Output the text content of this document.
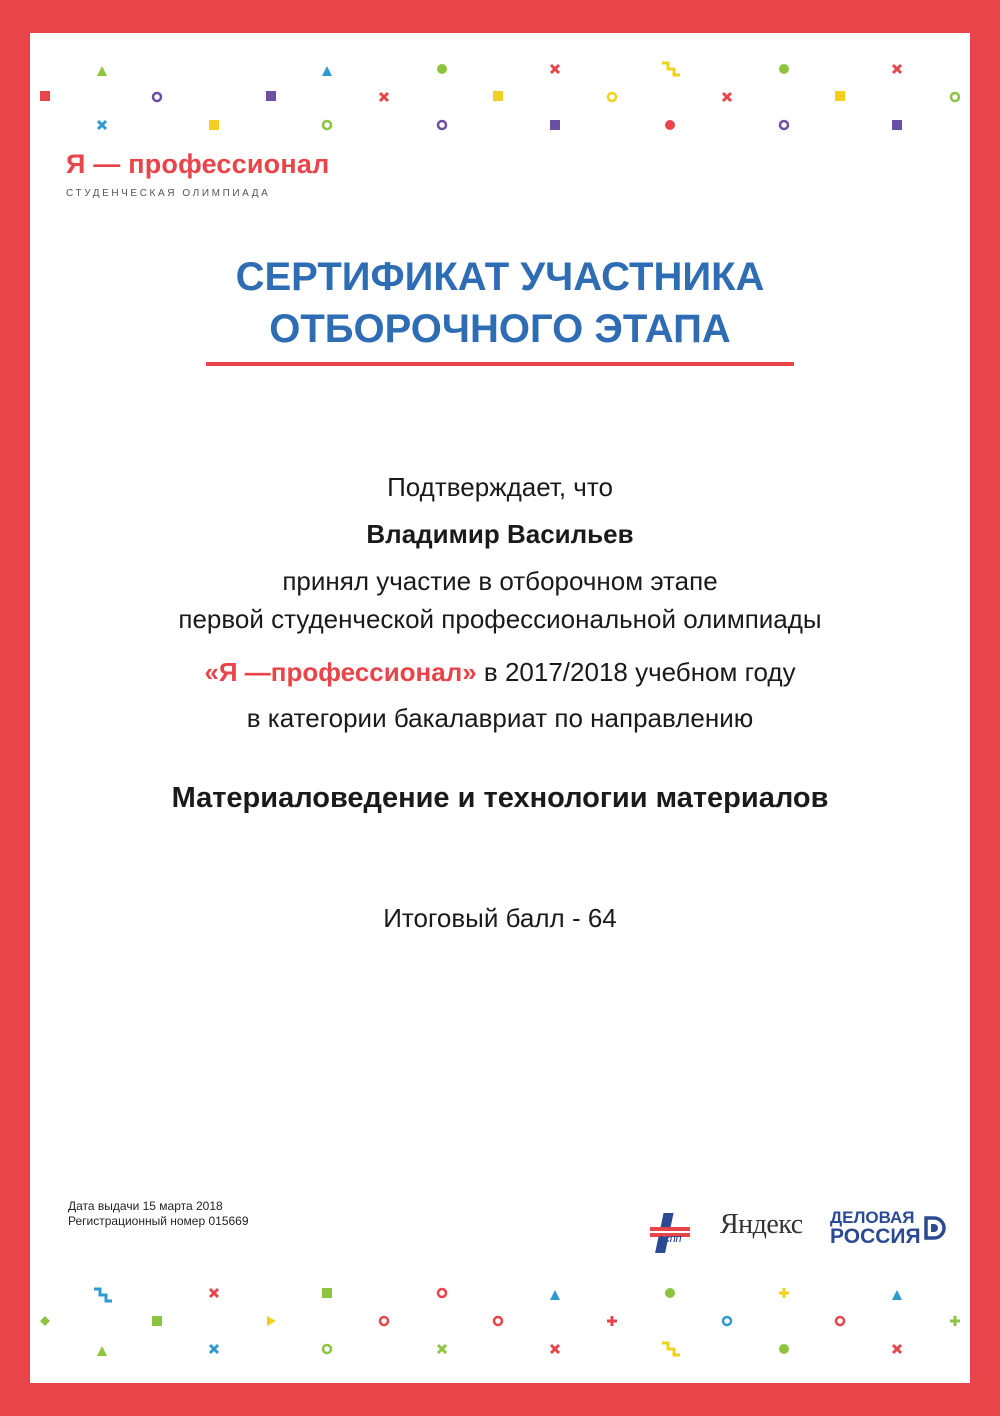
Я — профессионал
СТУДЕНЧЕСКАЯ ОЛИМПИАДА
СЕРТИФИКАТ УЧАСТНИКА
ОТБОРОЧНОГО ЭТАПА
Подтверждает, что
Владимир Васильев
принял участие в отборочном этапе
первой студенческой профессиональной олимпиады
«Я —профессионал» в 2017/2018 учебном году
в категории бакалавриат по направлению
Материаловедение и технологии материалов
Итоговый балл - 64
Дата выдачи 15 марта 2018
Регистрационный номер 015669
РСПП Яндекс ДЕЛОВАЯ
РОССИЯ
